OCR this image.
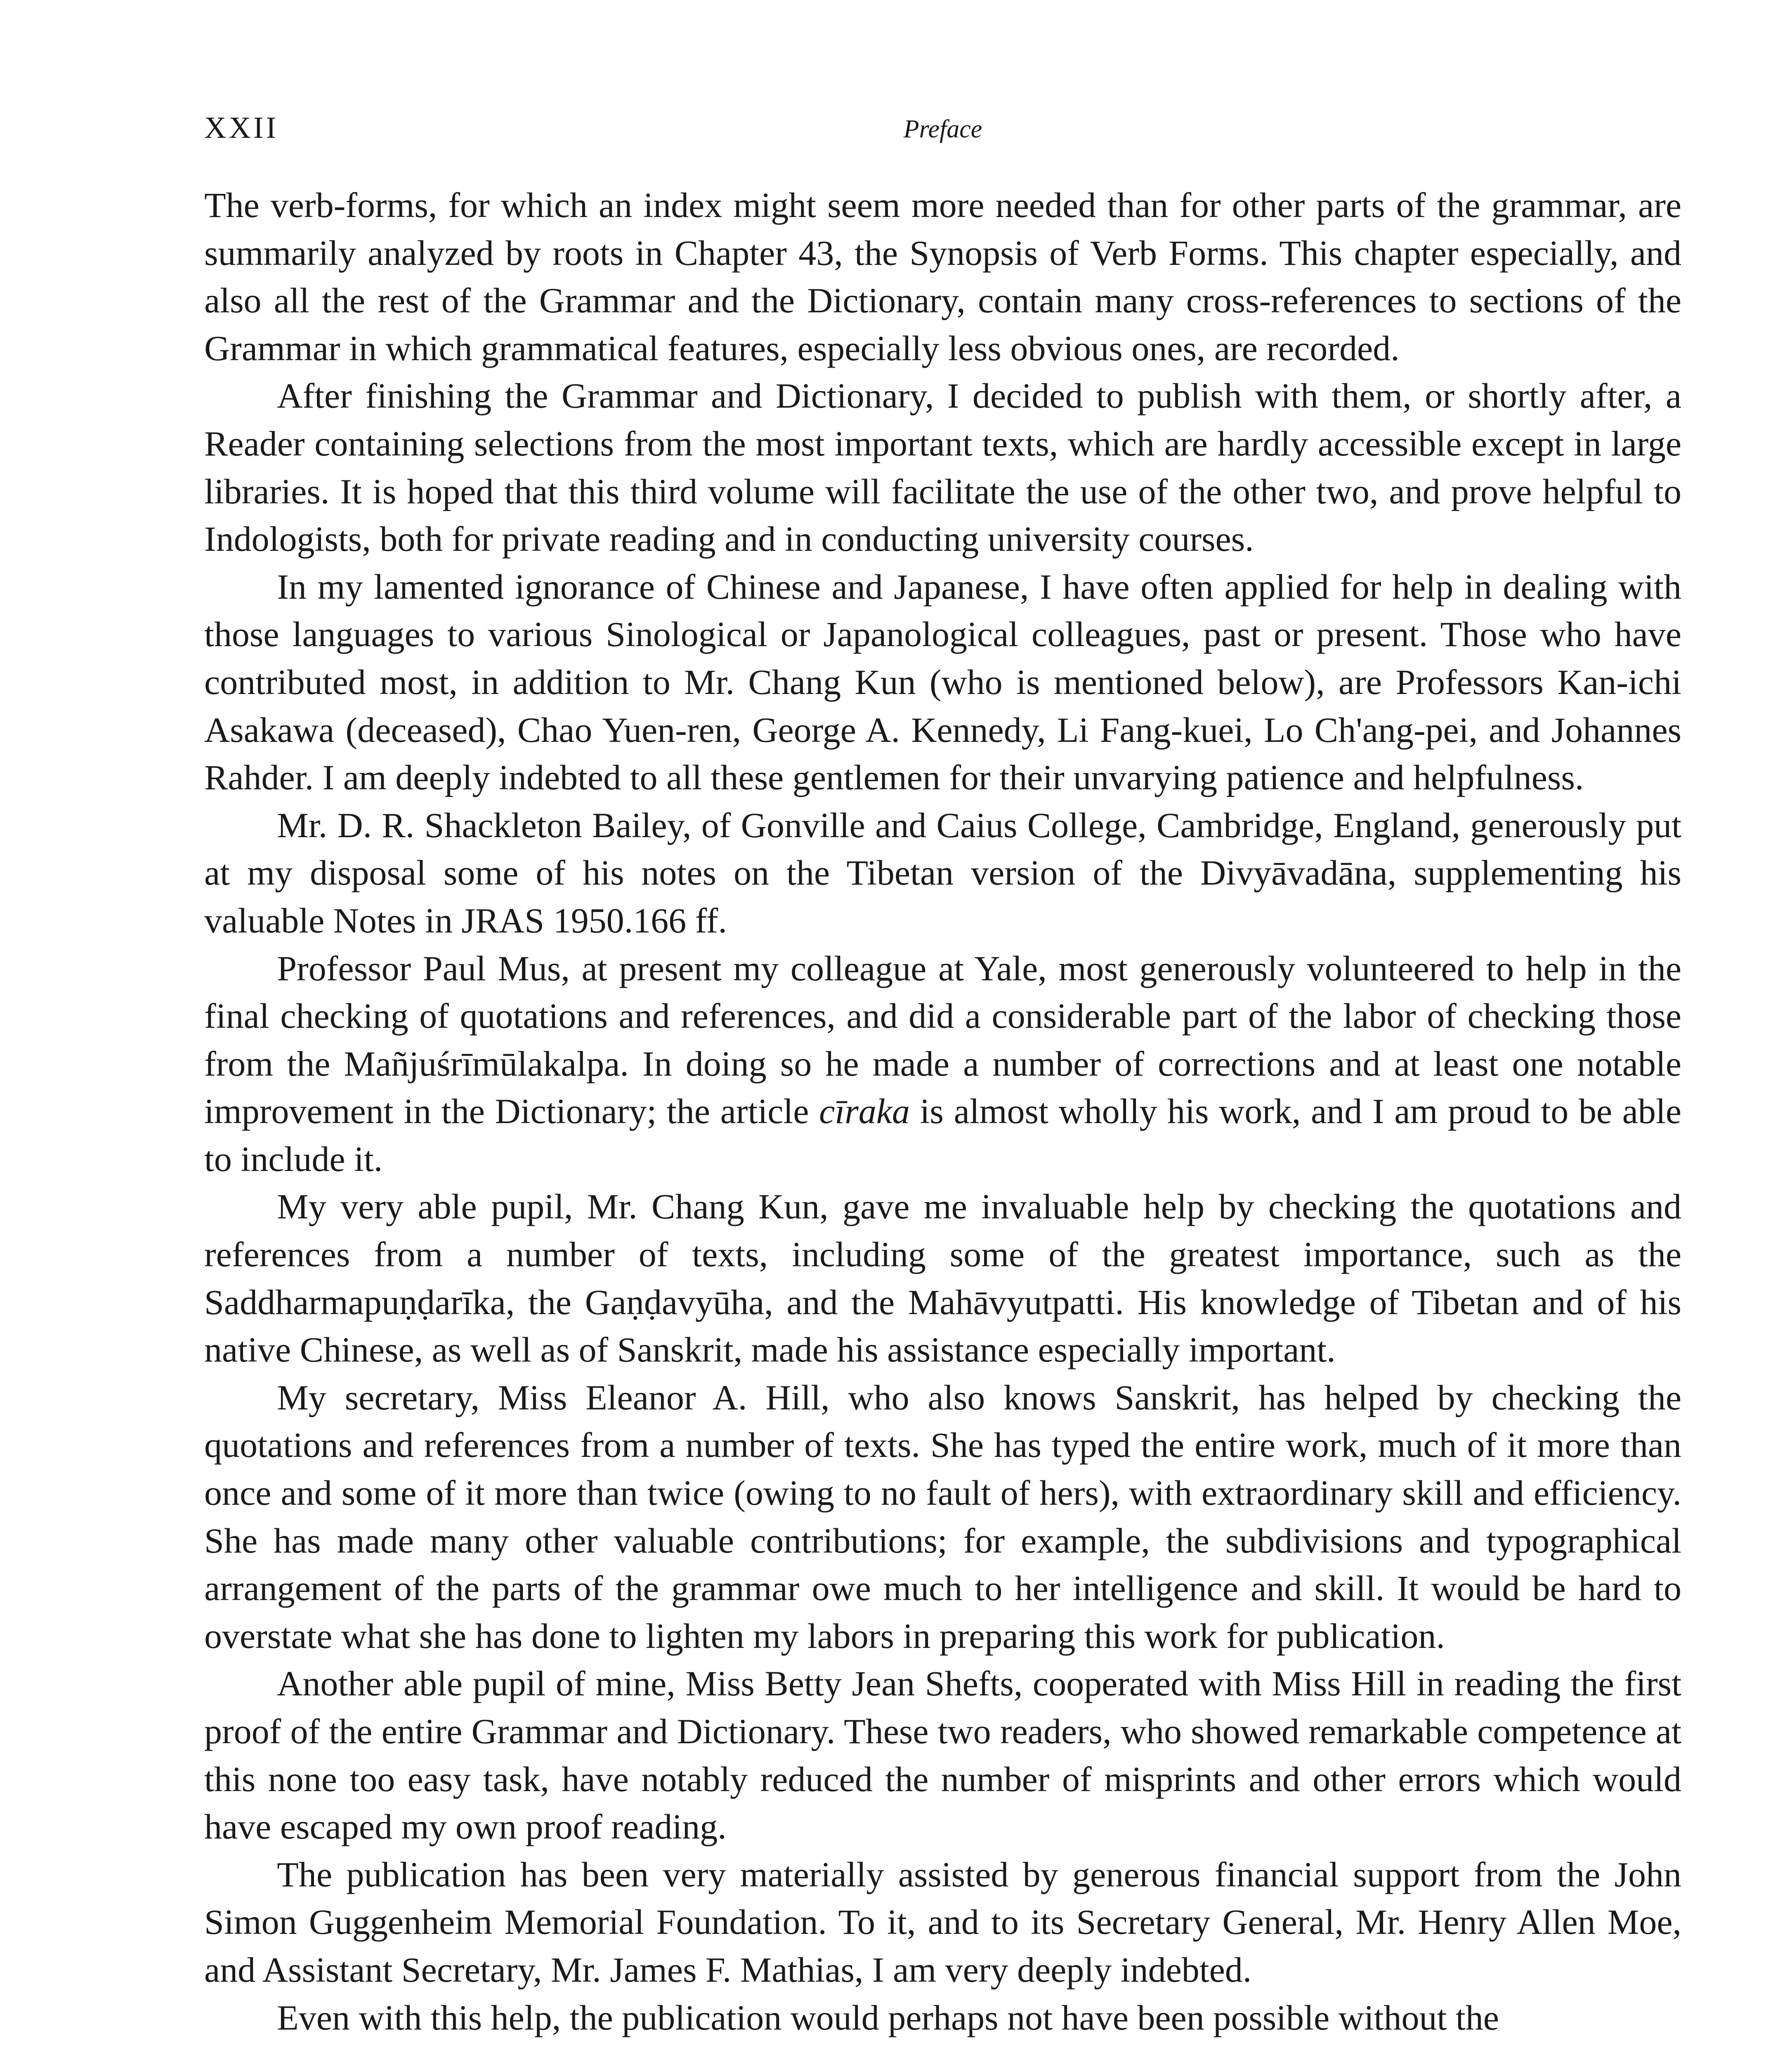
XXII	Preface

The verb-forms, for which an index might seem more needed than for other parts of the grammar, are summarily analyzed by roots in Chapter 43, the Synopsis of Verb Forms. This chapter especially, and also all the rest of the Grammar and the Dictionary, contain many cross-references to sections of the Grammar in which grammatical features, especially less obvious ones, are recorded.

After finishing the Grammar and Dictionary, I decided to publish with them, or shortly after, a Reader containing selections from the most important texts, which are hardly accessible except in large libraries. It is hoped that this third volume will facilitate the use of the other two, and prove helpful to Indologists, both for private reading and in conducting university courses.

In my lamented ignorance of Chinese and Japanese, I have often applied for help in dealing with those languages to various Sinological or Japanological colleagues, past or present. Those who have contributed most, in addition to Mr. Chang Kun (who is mentioned below), are Professors Kan-ichi Asakawa (deceased), Chao Yuen-ren, George A. Kennedy, Li Fang-kuei, Lo Ch'ang-pei, and Johannes Rahder. I am deeply indebted to all these gentlemen for their unvarying patience and helpfulness.

Mr. D. R. Shackleton Bailey, of Gonville and Caius College, Cambridge, England, generously put at my disposal some of his notes on the Tibetan version of the Divyāvadāna, supplementing his valuable Notes in JRAS 1950.166 ff.

Professor Paul Mus, at present my colleague at Yale, most generously volunteered to help in the final checking of quotations and references, and did a considerable part of the labor of checking those from the Mañjuśrīmūlakalpa. In doing so he made a number of corrections and at least one notable improvement in the Dictionary; the article cīraka is almost wholly his work, and I am proud to be able to include it.

My very able pupil, Mr. Chang Kun, gave me invaluable help by checking the quotations and references from a number of texts, including some of the greatest importance, such as the Saddharmapuṇḍarīka, the Gaṇḍavyūha, and the Mahāvyutpatti. His knowledge of Tibetan and of his native Chinese, as well as of Sanskrit, made his assistance especially important.

My secretary, Miss Eleanor A. Hill, who also knows Sanskrit, has helped by checking the quotations and references from a number of texts. She has typed the entire work, much of it more than once and some of it more than twice (owing to no fault of hers), with extraordinary skill and efficiency. She has made many other valuable contributions; for example, the subdivisions and typographical arrangement of the parts of the grammar owe much to her intelligence and skill. It would be hard to overstate what she has done to lighten my labors in preparing this work for publication.

Another able pupil of mine, Miss Betty Jean Shefts, cooperated with Miss Hill in reading the first proof of the entire Grammar and Dictionary. These two readers, who showed remarkable competence at this none too easy task, have notably reduced the number of misprints and other errors which would have escaped my own proof reading.

The publication has been very materially assisted by generous financial support from the John Simon Guggenheim Memorial Foundation. To it, and to its Secretary General, Mr. Henry Allen Moe, and Assistant Secretary, Mr. James F. Mathias, I am very deeply indebted.

Even with this help, the publication would perhaps not have been possible without the
